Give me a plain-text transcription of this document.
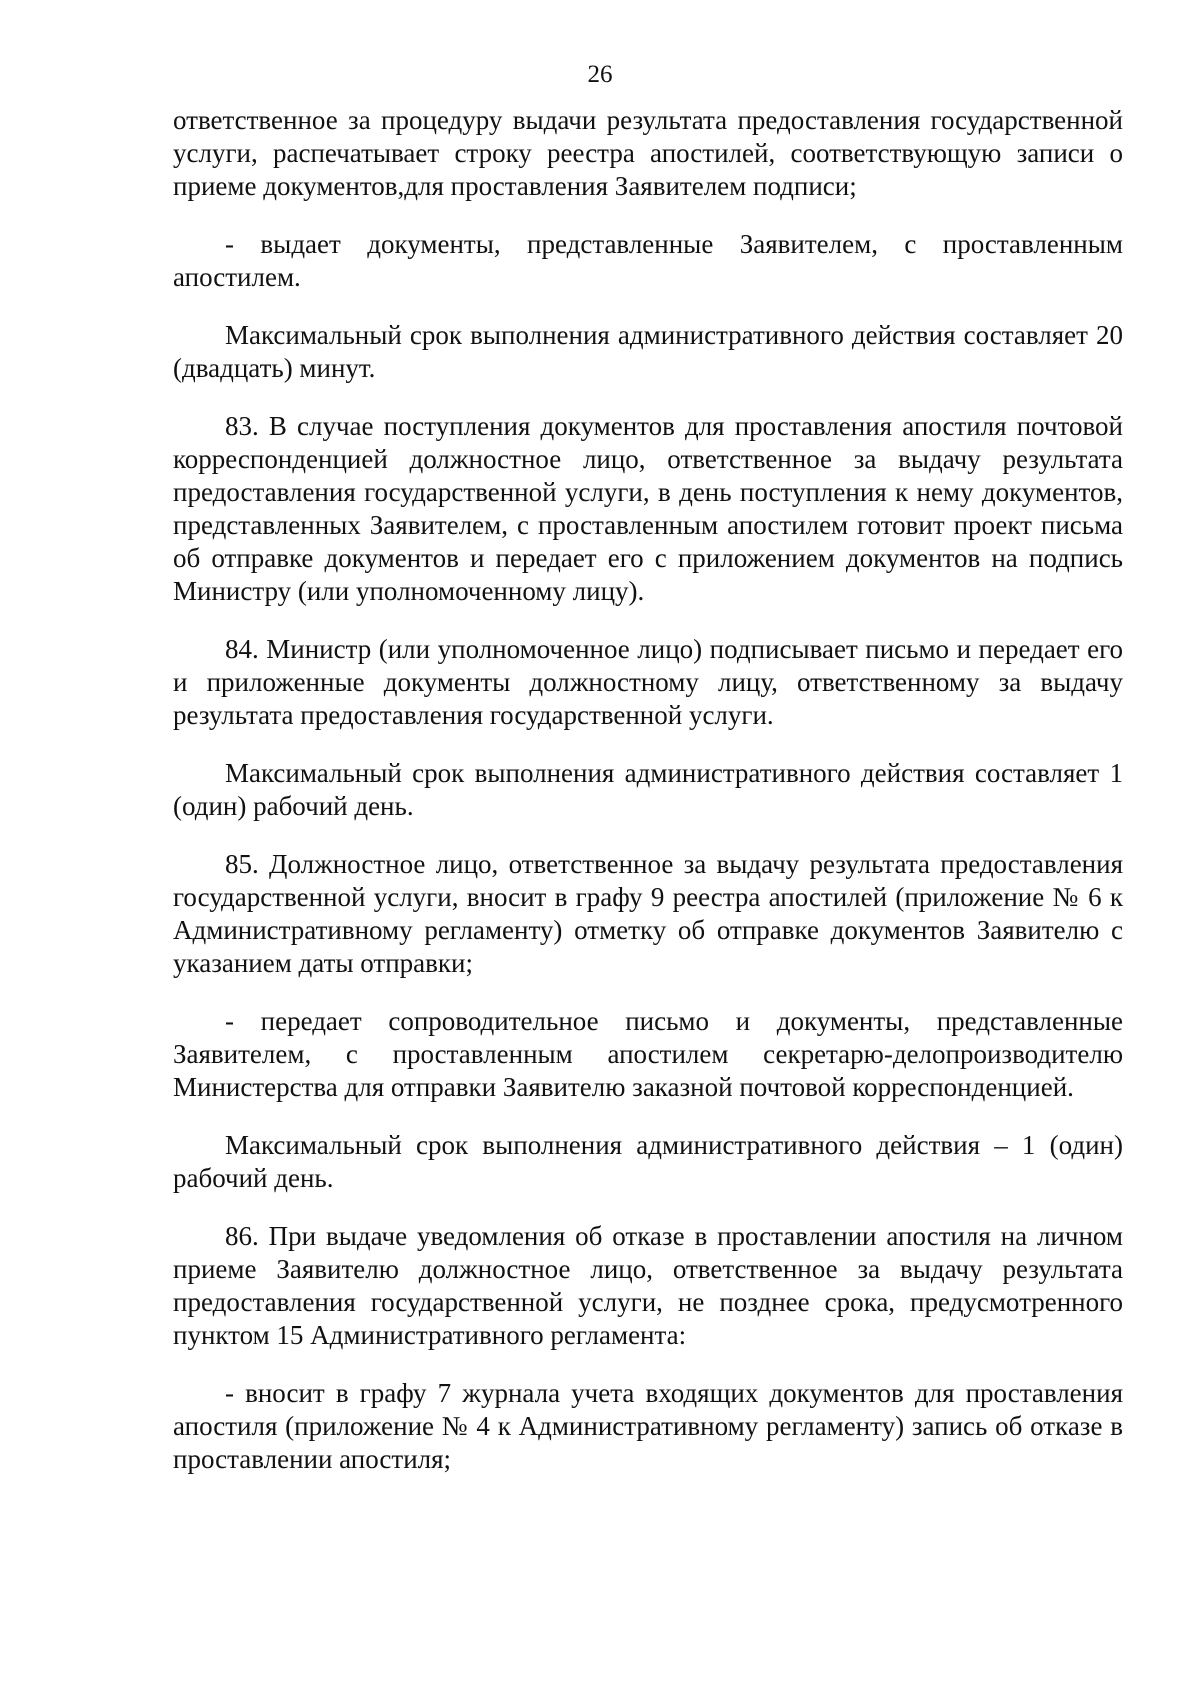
26

ответственное за процедуру выдачи результата предоставления государственной услуги, распечатывает строку реестра апостилей, соответствующую записи о приеме документов,для проставления Заявителем подписи;

- выдает документы, представленные Заявителем, с проставленным апостилем.

Максимальный срок выполнения административного действия составляет 20 (двадцать) минут.

83. В случае поступления документов для проставления апостиля почтовой корреспонденцией должностное лицо, ответственное за выдачу результата предоставления государственной услуги, в день поступления к нему документов, представленных Заявителем, с проставленным апостилем готовит проект письма об отправке документов и передает его с приложением документов на подпись Министру (или уполномоченному лицу).

84. Министр (или уполномоченное лицо) подписывает письмо и передает его и приложенные документы должностному лицу, ответственному за выдачу результата предоставления государственной услуги.

Максимальный срок выполнения административного действия составляет 1 (один) рабочий день.

85. Должностное лицо, ответственное за выдачу результата предоставления государственной услуги, вносит в графу 9 реестра апостилей (приложение № 6 к Административному регламенту) отметку об отправке документов Заявителю с указанием даты отправки;

- передает сопроводительное письмо и документы, представленные Заявителем, с проставленным апостилем секретарю-делопроизводителю Министерства для отправки Заявителю заказной почтовой корреспонденцией.

Максимальный срок выполнения административного действия – 1 (один) рабочий день.

86. При выдаче уведомления об отказе в проставлении апостиля на личном приеме Заявителю должностное лицо, ответственное за выдачу результата предоставления государственной услуги, не позднее срока, предусмотренного пунктом 15 Административного регламента:

- вносит в графу 7 журнала учета входящих документов для проставления апостиля (приложение № 4 к Административному регламенту) запись об отказе в проставлении апостиля;
